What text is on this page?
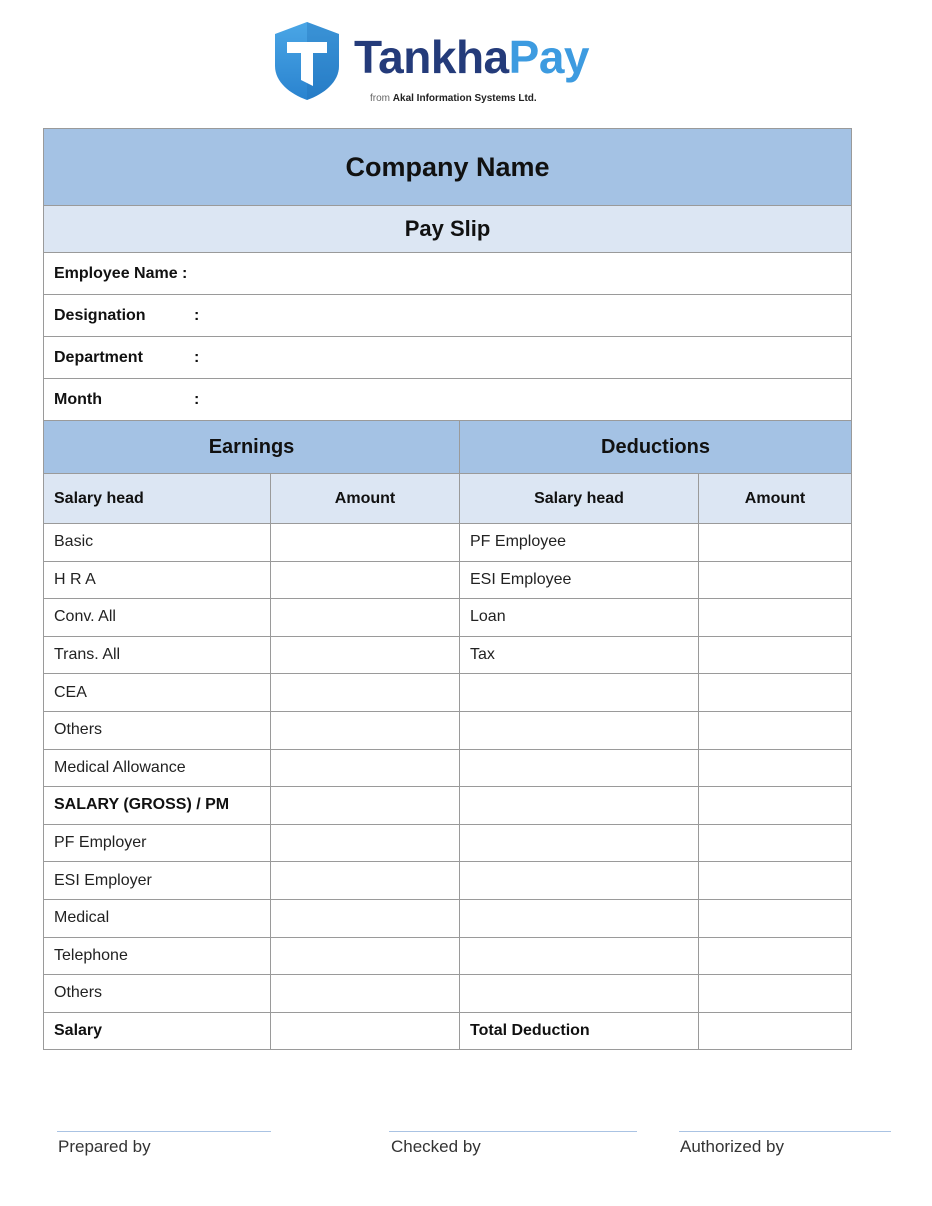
TankhaPay
from Akal Information Systems Ltd.
Company Name			
Pay Slip			
Employee Name :			
Designation :			
Department :			
Month :			
Earnings		Deductions	
Salary head	Amount	Salary head	Amount
Basic		PF Employee	
H R A		ESI Employee	
Conv. All		Loan	
Trans. All		Tax	
CEA			
Others			
Medical Allowance			
SALARY (GROSS) / PM			
PF Employer			
ESI Employer			
Medical			
Telephone			
Others			
Salary		Total Deduction	
Prepared by	Checked by	Authorized by
